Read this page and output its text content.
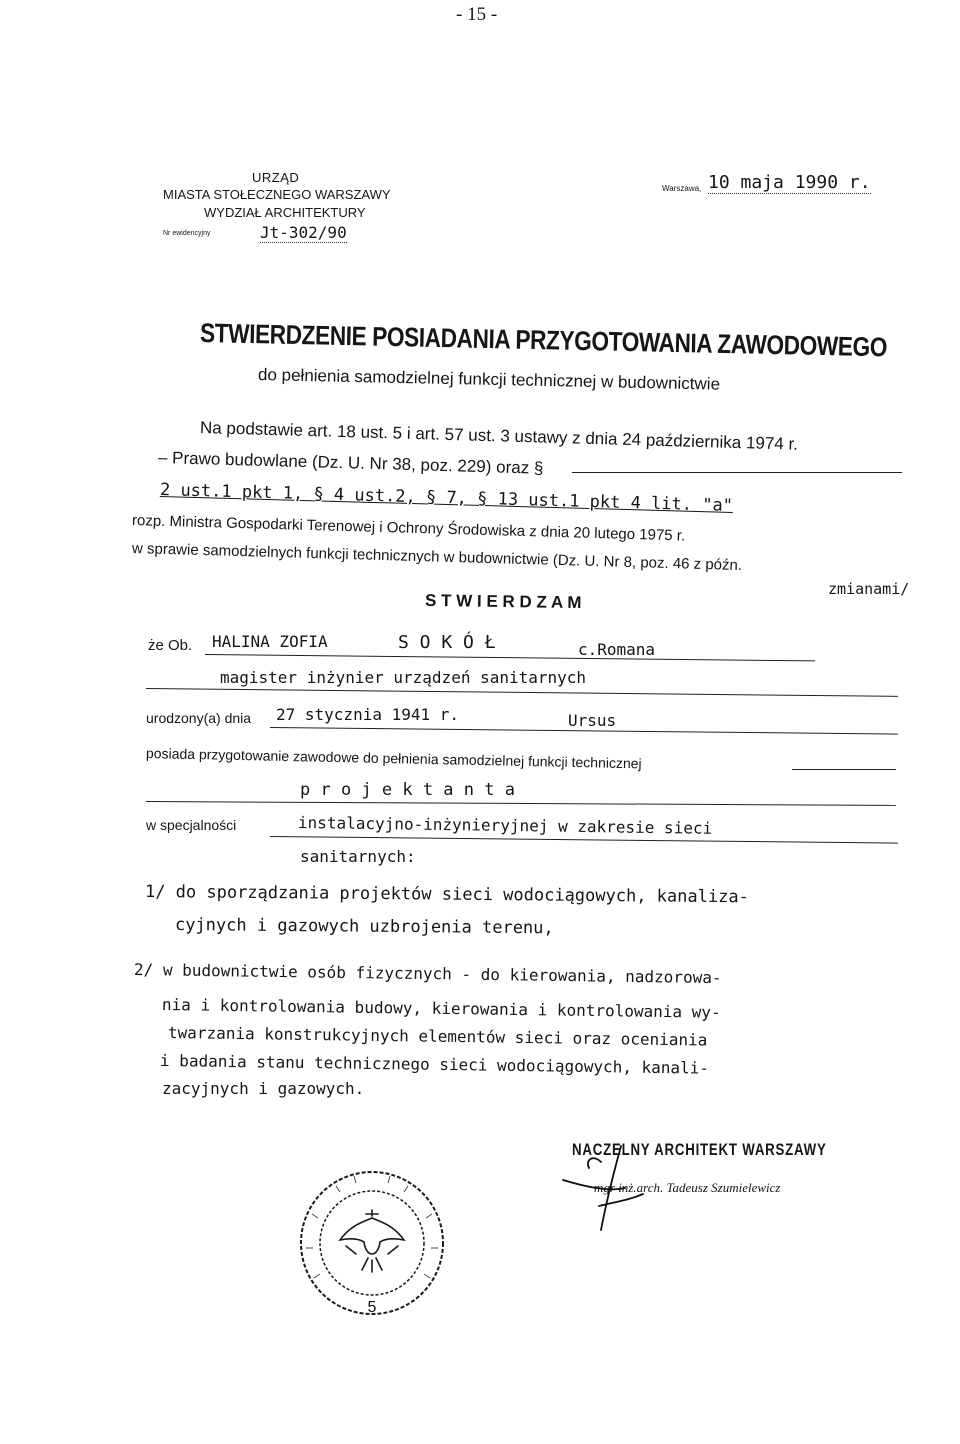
- 15 -
URZĄD
MIASTA STOŁECZNEGO WARSZAWY
WYDZIAŁ ARCHITEKTURY
Nr ewidencyjny	Jt-302/90
Warszawa, 10 maja 1990 r.
STWIERDZENIE POSIADANIA PRZYGOTOWANIA ZAWODOWEGO
do pełnienia samodzielnej funkcji technicznej w budownictwie
Na podstawie art. 18 ust. 5 i art. 57 ust. 3 ustawy z dnia 24 października 1974 r.
– Prawo budowlane (Dz. U. Nr 38, poz. 229) oraz §
2 ust.1 pkt 1, § 4 ust.2, § 7, § 13 ust.1 pkt 4 lit. "a"
rozp. Ministra Gospodarki Terenowej i Ochrony Środowiska z dnia 20 lutego 1975 r.
w sprawie samodzielnych funkcji technicznych w budownictwie (Dz. U. Nr 8, poz. 46 z późn.
zmianami/
S T W I E R D Z A M
że Ob. HALINA ZOFIA	S O K Ó Ł	c.Romana
magister inżynier urządzeń sanitarnych
urodzony(a) dnia 27 stycznia 1941 r.	Ursus
posiada przygotowanie zawodowe do pełnienia samodzielnej funkcji technicznej
p r o j e k t a n t a
w specjalności	instalacyjno-inżynieryjnej w zakresie sieci
sanitarnych:
1/ do sporządzania projektów sieci wodociągowych, kanaliza-
cyjnych i gazowych uzbrojenia terenu,
2/ w budownictwie osób fizycznych - do kierowania, nadzorowa-
nia i kontrolowania budowy, kierowania i kontrolowania wy-
twarzania konstrukcyjnych elementów sieci oraz oceniania
i badania stanu technicznego sieci wodociągowych, kanali-
zacyjnych i gazowych.
NACZELNY ARCHITEKT WARSZAWY
mgr inż.arch. Tadeusz Szumielewicz
5
